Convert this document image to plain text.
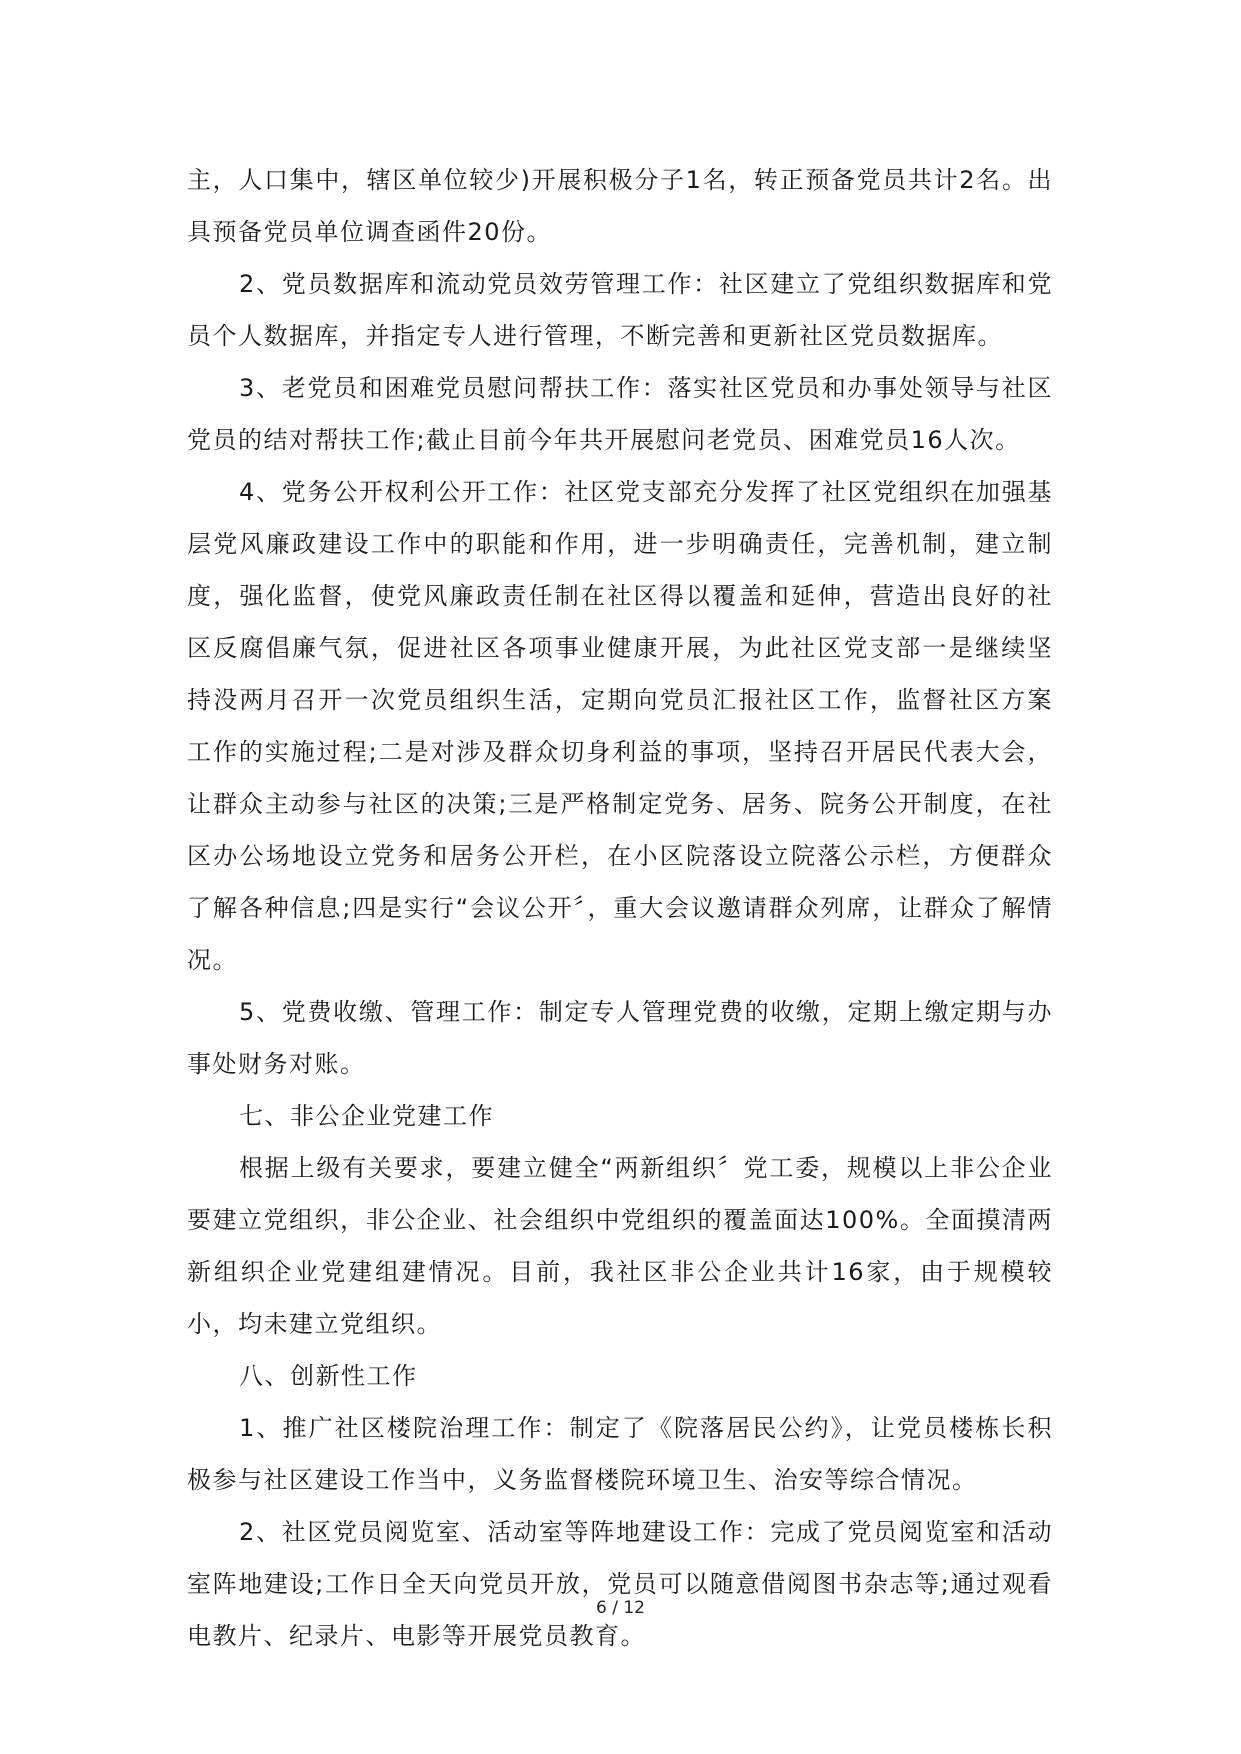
主，人口集中，辖区单位较少)开展积极分子1名，转正预备党员共计2名。出具预备党员单位调查函件20份。

2、党员数据库和流动党员效劳管理工作：社区建立了党组织数据库和党员个人数据库，并指定专人进行管理，不断完善和更新社区党员数据库。

3、老党员和困难党员慰问帮扶工作：落实社区党员和办事处领导与社区党员的结对帮扶工作;截止目前今年共开展慰问老党员、困难党员16人次。

4、党务公开权利公开工作：社区党支部充分发挥了社区党组织在加强基层党风廉政建设工作中的职能和作用，进一步明确责任，完善机制，建立制度，强化监督，使党风廉政责任制在社区得以覆盖和延伸，营造出良好的社区反腐倡廉气氛，促进社区各项事业健康开展，为此社区党支部一是继续坚持没两月召开一次党员组织生活，定期向党员汇报社区工作，监督社区方案工作的实施过程;二是对涉及群众切身利益的事项，坚持召开居民代表大会，让群众主动参与社区的决策;三是严格制定党务、居务、院务公开制度，在社区办公场地设立党务和居务公开栏，在小区院落设立院落公示栏，方便群众了解各种信息;四是实行“会议公开〞，重大会议邀请群众列席，让群众了解情况。

5、党费收缴、管理工作：制定专人管理党费的收缴，定期上缴定期与办事处财务对账。

七、非公企业党建工作

根据上级有关要求，要建立健全“两新组织〞党工委，规模以上非公企业要建立党组织，非公企业、社会组织中党组织的覆盖面达100%。全面摸清两新组织企业党建组建情况。目前，我社区非公企业共计16家，由于规模较小，均未建立党组织。

八、创新性工作

1、推广社区楼院治理工作：制定了《院落居民公约》，让党员楼栋长积极参与社区建设工作当中，义务监督楼院环境卫生、治安等综合情况。

2、社区党员阅览室、活动室等阵地建设工作：完成了党员阅览室和活动室阵地建设;工作日全天向党员开放，党员可以随意借阅图书杂志等;通过观看电教片、纪录片、电影等开展党员教育。

6 / 12
